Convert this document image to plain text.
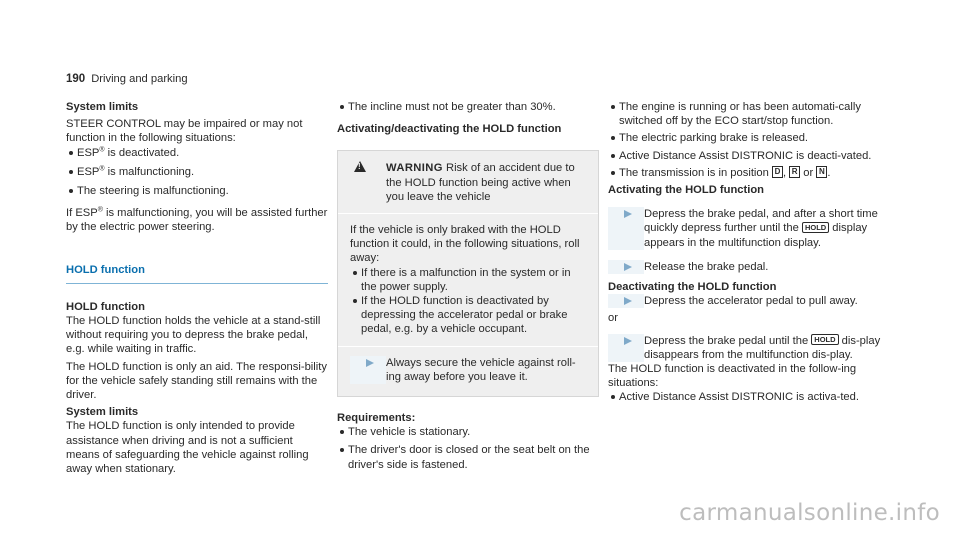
190 Driving and parking

System limits

STEER CONTROL may be impaired or may not function in the following situations:

ESP® is deactivated.
ESP® is malfunctioning.
The steering is malfunctioning.

If ESP® is malfunctioning, you will be assisted further by the electric power steering.

HOLD function

HOLD function

The HOLD function holds the vehicle at a stand-still without requiring you to depress the brake pedal, e.g. while waiting in traffic.

The HOLD function is only an aid. The responsi-bility for the vehicle safely standing still remains with the driver.

System limits

The HOLD function is only intended to provide assistance when driving and is not a sufficient means of safeguarding the vehicle against rolling away when stationary.

The incline must not be greater than 30%.

Activating/deactivating the HOLD function

!
WARNING Risk of an accident due to the HOLD function being active when you leave the vehicle

If the vehicle is only braked with the HOLD function it could, in the following situations, roll away:

If there is a malfunction in the system or in the power supply.
If the HOLD function is deactivated by depressing the accelerator pedal or brake pedal, e.g. by a vehicle occupant.
Always secure the vehicle against roll-ing away before you leave it.

Requirements:

The vehicle is stationary.
The driver's door is closed or the seat belt on the driver's side is fastened.
The engine is running or has been automati-cally switched off by the ECO start/stop function.
The electric parking brake is released.
Active Distance Assist DISTRONIC is deacti-vated.
The transmission is in position D , R or N .

Activating the HOLD function

Depress the brake pedal, and after a short time quickly depress further until the HOLD display appears in the multifunction display.
Release the brake pedal.

Deactivating the HOLD function

Depress the accelerator pedal to pull away.

or

Depress the brake pedal until the HOLD dis-play disappears from the multifunction dis-play.

The HOLD function is deactivated in the follow-ing situations:

Active Distance Assist DISTRONIC is activa-ted.
carmanualsonline.info
